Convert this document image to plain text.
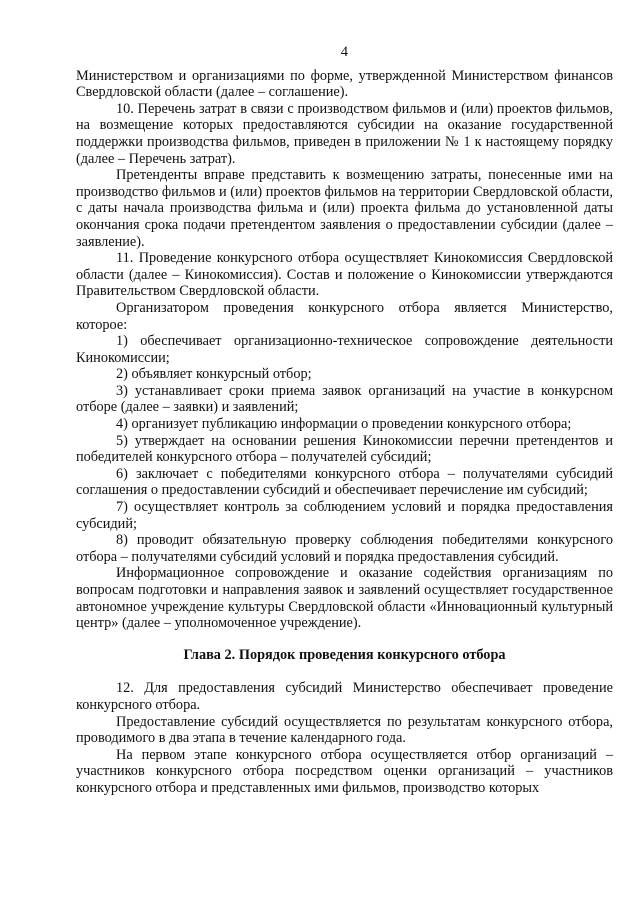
4

Министерством и организациями по форме, утвержденной Министерством финансов Свердловской области (далее – соглашение).

10. Перечень затрат в связи с производством фильмов и (или) проектов фильмов, на возмещение которых предоставляются субсидии на оказание государственной поддержки производства фильмов, приведен в приложении № 1 к настоящему порядку (далее – Перечень затрат).

Претенденты вправе представить к возмещению затраты, понесенные ими на производство фильмов и (или) проектов фильмов на территории Свердловской области, с даты начала производства фильма и (или) проекта фильма до установленной даты окончания срока подачи претендентом заявления о предоставлении субсидии (далее – заявление).

11. Проведение конкурсного отбора осуществляет Кинокомиссия Свердловской области (далее – Кинокомиссия). Состав и положение о Кинокомиссии утверждаются Правительством Свердловской области.

Организатором проведения конкурсного отбора является Министерство, которое:

1) обеспечивает организационно-техническое сопровождение деятельности Кинокомиссии;

2) объявляет конкурсный отбор;

3) устанавливает сроки приема заявок организаций на участие в конкурсном отборе (далее – заявки) и заявлений;

4) организует публикацию информации о проведении конкурсного отбора;

5) утверждает на основании решения Кинокомиссии перечни претендентов и победителей конкурсного отбора – получателей субсидий;

6) заключает с победителями конкурсного отбора – получателями субсидий соглашения о предоставлении субсидий и обеспечивает перечисление им субсидий;

7) осуществляет контроль за соблюдением условий и порядка предоставления субсидий;

8) проводит обязательную проверку соблюдения победителями конкурсного отбора – получателями субсидий условий и порядка предоставления субсидий.

Информационное сопровождение и оказание содействия организациям по вопросам подготовки и направления заявок и заявлений осуществляет государственное автономное учреждение культуры Свердловской области «Инновационный культурный центр» (далее – уполномоченное учреждение).

Глава 2. Порядок проведения конкурсного отбора

12. Для предоставления субсидий Министерство обеспечивает проведение конкурсного отбора.

Предоставление субсидий осуществляется по результатам конкурсного отбора, проводимого в два этапа в течение календарного года.

На первом этапе конкурсного отбора осуществляется отбор организаций – участников конкурсного отбора посредством оценки организаций – участников конкурсного отбора и представленных ими фильмов, производство которых
